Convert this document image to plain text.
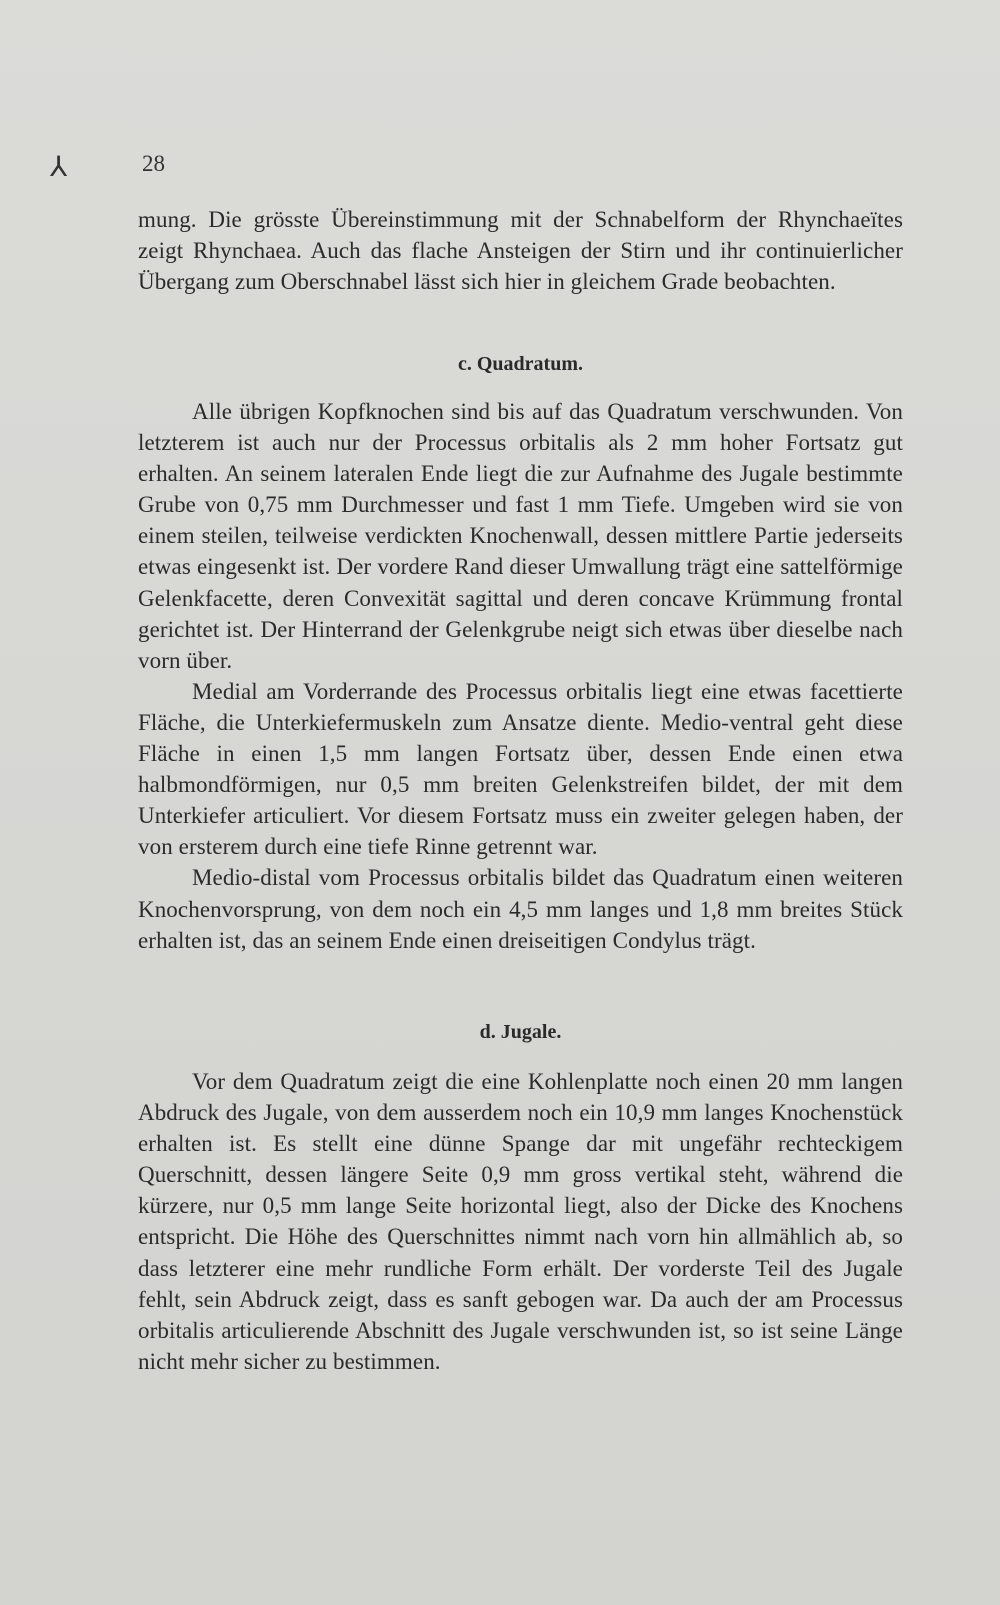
⅄	28

mung. Die grösste Übereinstimmung mit der Schnabelform der Rhynchaeïtes zeigt Rhynchaea. Auch das flache Ansteigen der Stirn und ihr continuierlicher Übergang zum Oberschnabel lässt sich hier in gleichem Grade beobachten.

c. Quadratum.

Alle übrigen Kopfknochen sind bis auf das Quadratum verschwunden. Von letzterem ist auch nur der Processus orbitalis als 2 mm hoher Fortsatz gut erhalten. An seinem lateralen Ende liegt die zur Aufnahme des Jugale bestimmte Grube von 0,75 mm Durchmesser und fast 1 mm Tiefe. Umgeben wird sie von einem steilen, teilweise verdickten Knochenwall, dessen mittlere Partie jederseits etwas eingesenkt ist. Der vordere Rand dieser Umwallung trägt eine sattelförmige Gelenkfacette, deren Convexität sagittal und deren concave Krümmung frontal gerichtet ist. Der Hinterrand der Gelenkgrube neigt sich etwas über dieselbe nach vorn über.

Medial am Vorderrande des Processus orbitalis liegt eine etwas facettierte Fläche, die Unterkiefermuskeln zum Ansatze diente. Medio-ventral geht diese Fläche in einen 1,5 mm langen Fortsatz über, dessen Ende einen etwa halbmondförmigen, nur 0,5 mm breiten Gelenkstreifen bildet, der mit dem Unterkiefer articuliert. Vor diesem Fortsatz muss ein zweiter gelegen haben, der von ersterem durch eine tiefe Rinne getrennt war.

Medio-distal vom Processus orbitalis bildet das Quadratum einen weiteren Knochenvorsprung, von dem noch ein 4,5 mm langes und 1,8 mm breites Stück erhalten ist, das an seinem Ende einen dreiseitigen Condylus trägt.

d. Jugale.

Vor dem Quadratum zeigt die eine Kohlenplatte noch einen 20 mm langen Abdruck des Jugale, von dem ausserdem noch ein 10,9 mm langes Knochenstück erhalten ist. Es stellt eine dünne Spange dar mit ungefähr rechteckigem Querschnitt, dessen längere Seite 0,9 mm gross vertikal steht, während die kürzere, nur 0,5 mm lange Seite horizontal liegt, also der Dicke des Knochens entspricht. Die Höhe des Querschnittes nimmt nach vorn hin allmählich ab, so dass letzterer eine mehr rundliche Form erhält. Der vorderste Teil des Jugale fehlt, sein Abdruck zeigt, dass es sanft gebogen war. Da auch der am Processus orbitalis articulierende Abschnitt des Jugale verschwunden ist, so ist seine Länge nicht mehr sicher zu bestimmen.
